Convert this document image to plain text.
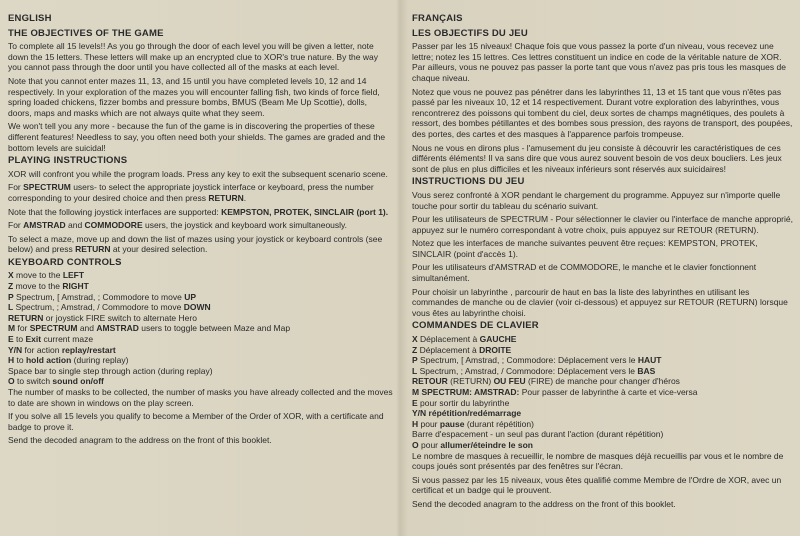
ENGLISH
THE OBJECTIVES OF THE GAME
To complete all 15 levels!! As you go through the door of each level you will be given a letter, note down the 15 letters. These letters will make up an encrypted clue to XOR's true nature. By the way you cannot pass through the door until you have collected all of the masks at each level.
Note that you cannot enter mazes 11, 13, and 15 until you have completed levels 10, 12 and 14 respectively. In your exploration of the mazes you will encounter falling fish, two kinds of force field, spring loaded chickens, fizzer bombs and pressure bombs, BMUS (Beam Me Up Scottie), dolls, doors, maps and masks which are not always quite what they seem.
We won't tell you any more - because the fun of the game is in discovering the properties of these different features! Needless to say, you often need both your shields. The games are graded and the bottom levels are suicidal!
PLAYING INSTRUCTIONS
XOR will confront you while the program loads. Press any key to exit the subsequent scenario scene.
For SPECTRUM users- to select the appropriate joystick interface or keyboard, press the number corresponding to your desired choice and then press RETURN.
Note that the following joystick interfaces are supported: KEMPSTON, PROTEK, SINCLAIR (port 1).
For AMSTRAD and COMMODORE users, the joystick and keyboard work simultaneously.
To select a maze, move up and down the list of mazes using your joystick or keyboard controls (see below) and press RETURN at your desired selection.
KEYBOARD CONTROLS
X move to the LEFT
Z move to the RIGHT
P Spectrum, [ Amstrad, ; Commodore to move UP
L Spectrum, ; Amstrad, / Commodore to move DOWN
RETURN or joystick FIRE switch to alternate Hero
M for SPECTRUM and AMSTRAD users to toggle between Maze and Map
E to Exit current maze
Y/N for action replay/restart
H to hold action (during replay)
Space bar to single step through action (during replay)
O to switch sound on/off
The number of masks to be collected, the number of masks you have already collected and the moves to date are shown in windows on the play screen.
If you solve all 15 levels you qualify to become a Member of the Order of XOR, with a certificate and badge to prove it.
Send the decoded anagram to the address on the front of this booklet.
FRANÇAIS
LES OBJECTIFS DU JEU
Passer par les 15 niveaux! Chaque fois que vous passez la porte d'un niveau, vous recevez une lettre; notez les 15 lettres. Ces lettres constituent un indice en code de la véritable nature de XOR. Par ailleurs, vous ne pouvez pas passer la porte tant que vous n'avez pas pris tous les masques de chaque niveau.
Notez que vous ne pouvez pas pénétrer dans les labyrinthes 11, 13 et 15 tant que vous n'êtes pas passé par les niveaux 10, 12 et 14 respectivement. Durant votre exploration des labyrinthes, vous rencontrerez des poissons qui tombent du ciel, deux sortes de champs magnétiques, des poulets à ressort, des bombes pétillantes et des bombes sous pression, des rayons de transport, des poupées, des portes, des cartes et des masques à l'apparence parfois trompeuse.
Nous ne vous en dirons plus - l'amusement du jeu consiste à découvrir les caractéristiques de ces différents éléments! Il va sans dire que vous aurez souvent besoin de vos deux boucliers. Les jeux sont de plus en plus difficiles et les niveaux inférieurs sont réservés aux suicidaires!
INSTRUCTIONS DU JEU
Vous serez confronté à XOR pendant le chargement du programme. Appuyez sur n'importe quelle touche pour sortir du tableau du scénario suivant.
Pour les utilisateurs de SPECTRUM - Pour sélectionner le clavier ou l'interface de manche approprié, appuyez sur le numéro correspondant à votre choix, puis appuyez sur RETOUR (RETURN).
Notez que les interfaces de manche suivantes peuvent être reçues: KEMPSTON, PROTEK, SINCLAIR (point d'accès 1).
Pour les utilisateurs d'AMSTRAD et de COMMODORE, le manche et le clavier fonctionnent simultanément.
Pour choisir un labyrinthe , parcourir de haut en bas la liste des labyrinthes en utilisant les commandes de manche ou de clavier (voir ci-dessous) et appuyez sur RETOUR (RETURN) lorsque vous êtes au labyrinthe choisi.
COMMANDES DE CLAVIER
X Déplacement à GAUCHE
Z Déplacement à DROITE
P Spectrum, [ Amstrad, ; Commodore: Déplacement vers le HAUT
L Spectrum, ; Amstrad, / Commodore: Déplacement vers le BAS
RETOUR (RETURN) OU FEU (FIRE) de manche pour changer d'héros
M SPECTRUM: AMSTRAD: Pour passer de labyrinthe à carte et vice-versa
E pour sortir du labyrinthe
Y/N répétition/redémarrage
H pour pause (durant répétition)
Barre d'espacement - un seul pas durant l'action (durant répétition)
O pour allumer/éteindre le son
Le nombre de masques à recueillir, le nombre de masques déjà recueillis par vous et le nombre de coups joués sont présentés par des fenêtres sur l'écran.
Si vous passez par les 15 niveaux, vous êtes qualifié comme Membre de l'Ordre de XOR, avec un certificat et un badge qui le prouvent.
Send the decoded anagram to the address on the front of this booklet.
